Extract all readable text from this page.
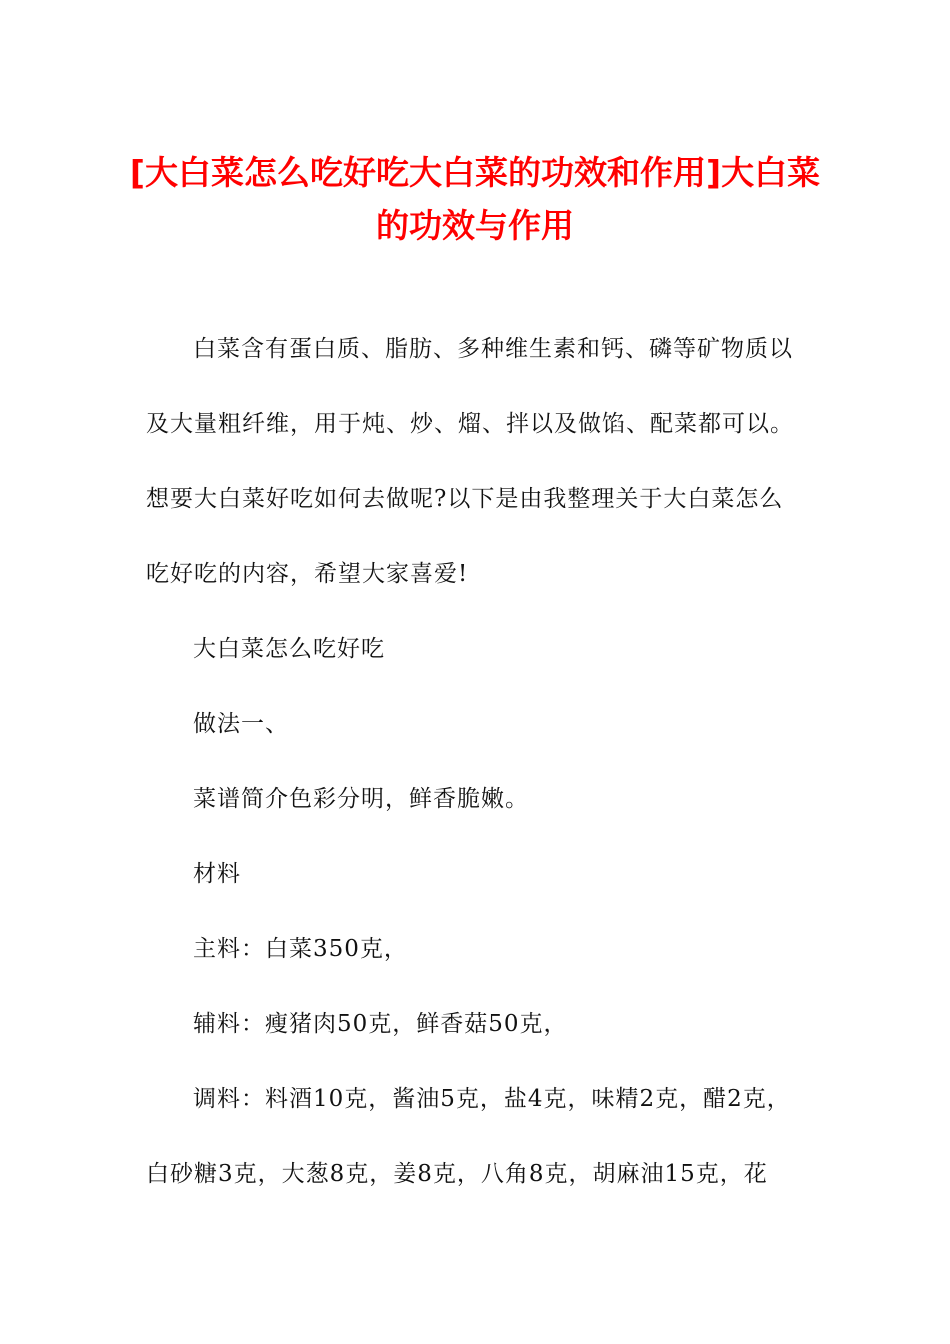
[大白菜怎么吃好吃大白菜的功效和作用]大白菜的功效与作用

白菜含有蛋白质、脂肪、多种维生素和钙、磷等矿物质以及大量粗纤维，用于炖、炒、熘、拌以及做馅、配菜都可以。想要大白菜好吃如何去做呢?以下是由我整理关于大白菜怎么吃好吃的内容，希望大家喜爱!

大白菜怎么吃好吃

做法一、

菜谱简介色彩分明，鲜香脆嫩。

材料

主料：白菜350克，

辅料：瘦猪肉50克，鲜香菇50克，

调料：料酒10克，酱油5克，盐4克，味精2克，醋2克，白砂糖3克，大葱8克，姜8克，八角8克，胡麻油15克，花
